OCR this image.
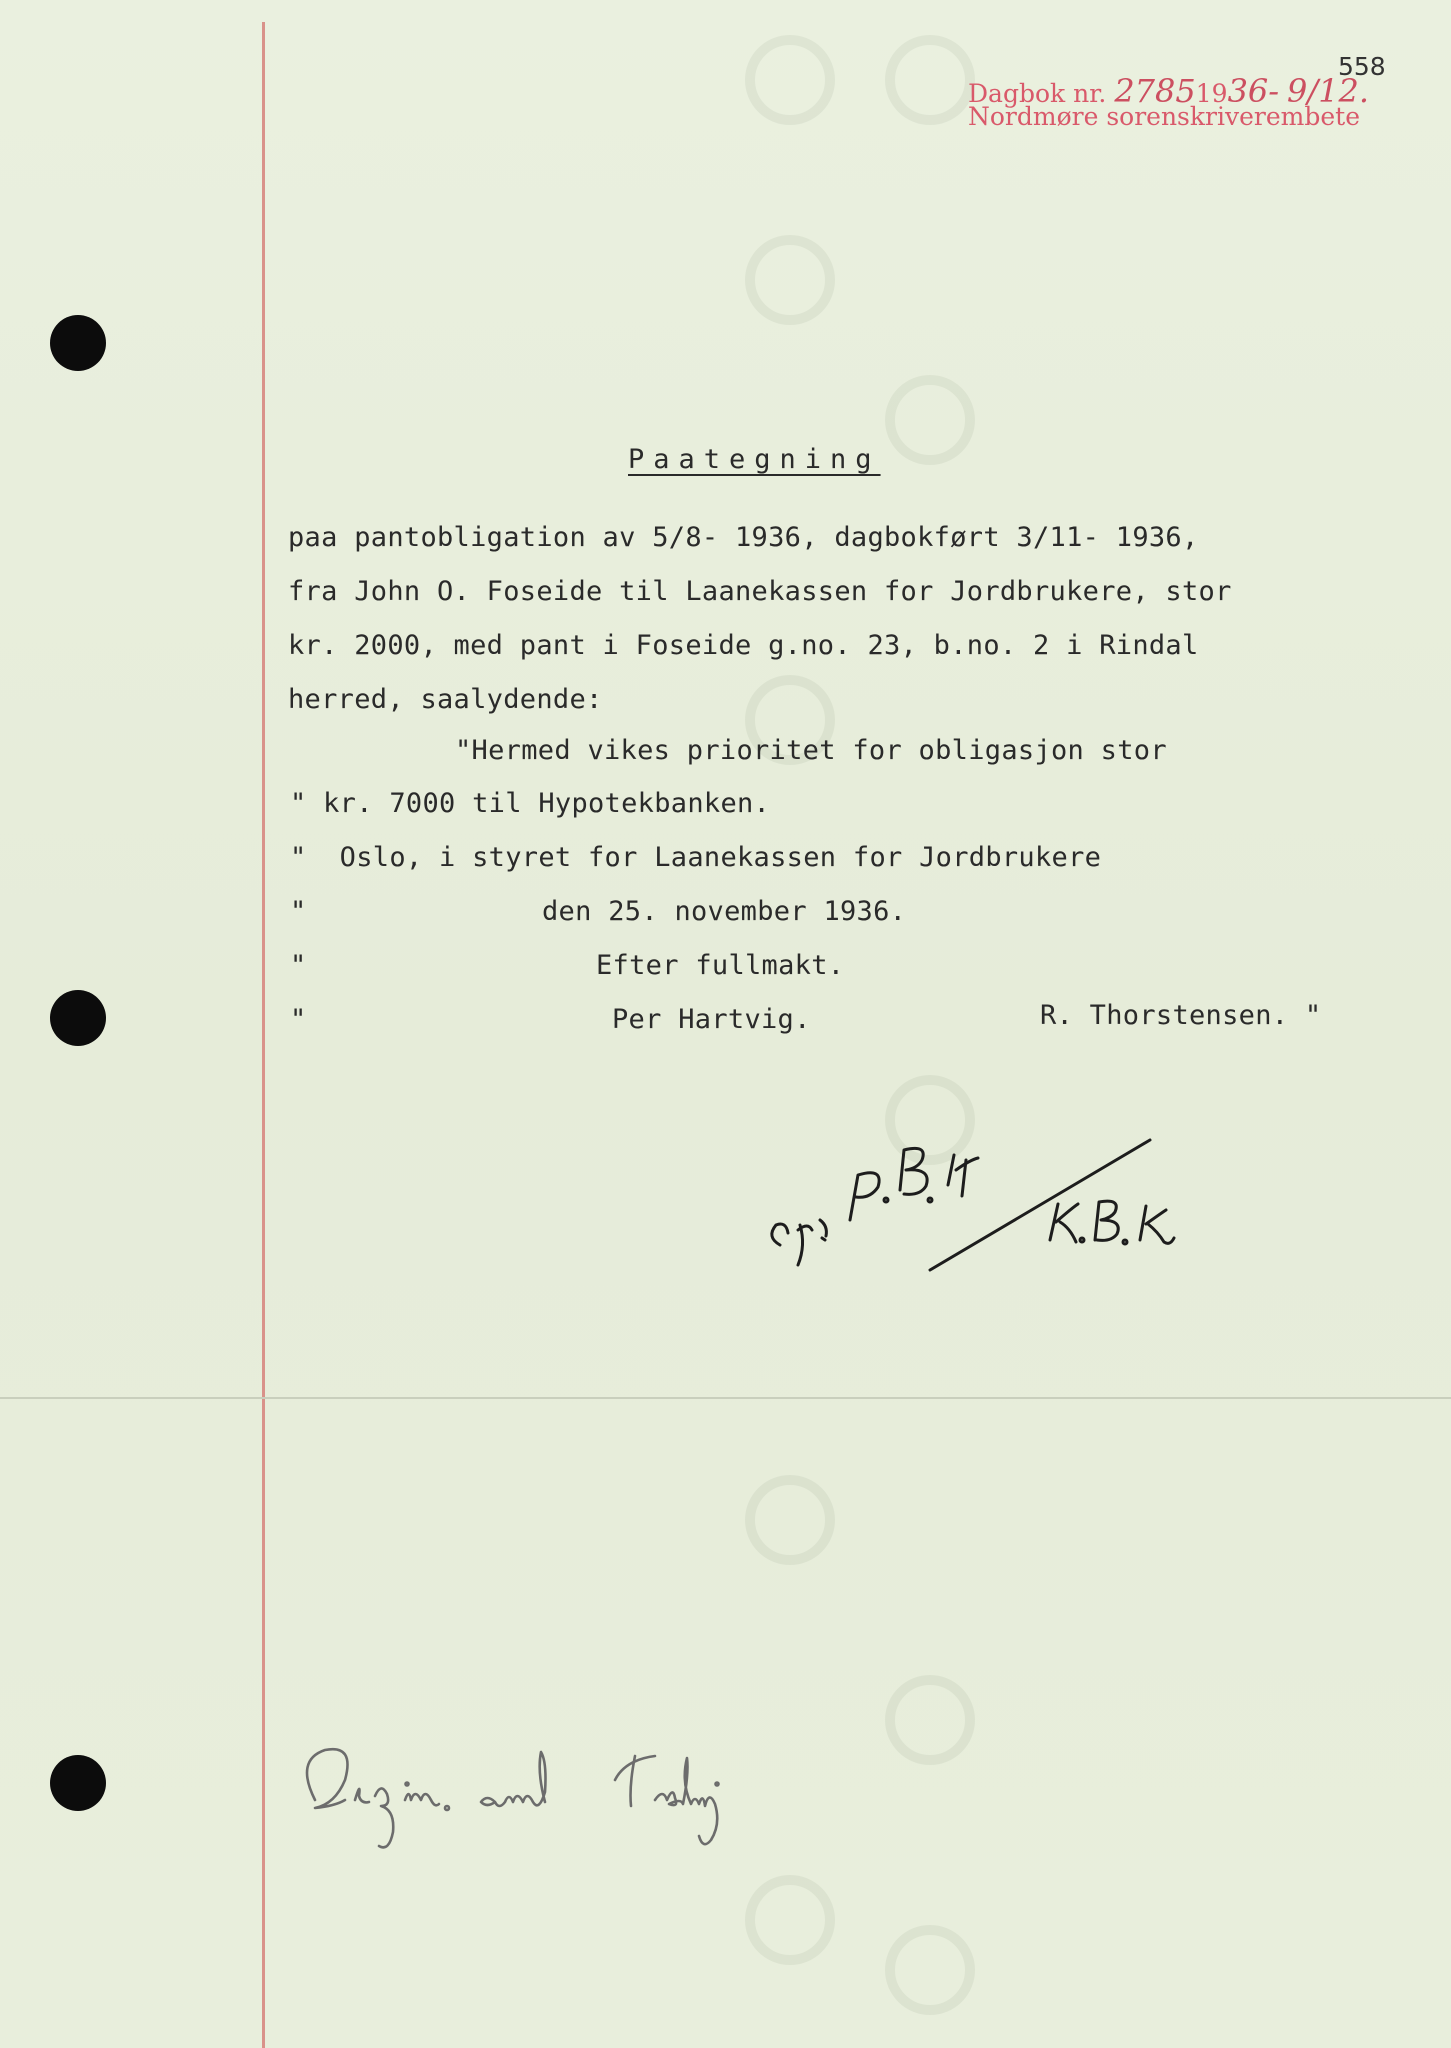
Dagbok nr. 27851936- 9/12.
Nordmøre sorenskriverembete
558
Paategning
paa pantobligation av 5/8- 1936, dagbokført 3/11- 1936,
fra John O. Foseide til Laanekassen for Jordbrukere, stor
kr. 2000, med pant i Foseide g.no. 23, b.no. 2 i Rindal
herred, saalydende:
"Hermed vikes prioritet for obligasjon stor
" kr. 7000 til Hypotekbanken.
"  Oslo, i styret for Laanekassen for Jordbrukere
"	den 25. november 1936.
"	Efter fullmakt.
"	Per Hartvig.	R. Thorstensen. "
